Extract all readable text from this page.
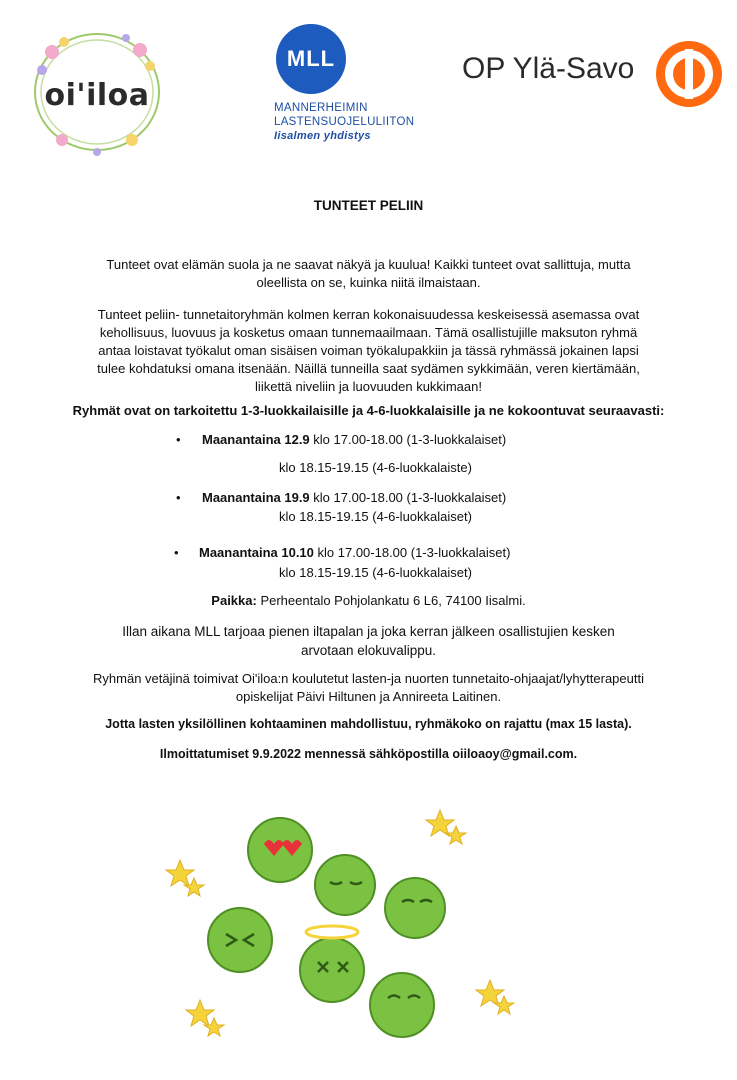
oi'iloa
MLL
MANNERHEIMIN
LASTENSUOJELULIITON
Iisalmen yhdistys
OP Ylä-Savo
TUNTEET PELIIN
Tunteet ovat elämän suola ja ne saavat näkyä ja kuulua! Kaikki tunteet ovat sallittuja, mutta
oleellista on se, kuinka niitä ilmaistaan.
Tunteet peliin- tunnetaitoryhmän kolmen kerran kokonaisuudessa keskeisessä asemassa ovat
kehollisuus, luovuus ja kosketus omaan tunnemaailmaan. Tämä osallistujille maksuton ryhmä
antaa loistavat työkalut oman sisäisen voiman työkalupakkiin ja tässä ryhmässä jokainen lapsi
tulee kohdatuksi omana itsenään. Näillä tunneilla saat sydämen sykkimään, veren kiertämään,
liikettä niveliin ja luovuuden kukkimaan!
Ryhmät ovat on tarkoitettu 1-3-luokkailaisille ja 4-6-luokkalaisille ja ne kokoontuvat seuraavasti:
• Maanantaina 12.9 klo 17.00-18.00 (1-3-luokkalaiset)
klo 18.15-19.15 (4-6-luokkalaiste)
• Maanantaina 19.9 klo 17.00-18.00 (1-3-luokkalaiset)
klo 18.15-19.15 (4-6-luokkalaiset)
• Maanantaina 10.10 klo 17.00-18.00 (1-3-luokkalaiset)
klo 18.15-19.15 (4-6-luokkalaiset)
Paikka: Perheentalo Pohjolankatu 6 L6, 74100 Iisalmi.
Illan aikana MLL tarjoaa pienen iltapalan ja joka kerran jälkeen osallistujien kesken
arvotaan elokuvalippu.
Ryhmän vetäjinä toimivat Oi'iloa:n koulutetut lasten-ja nuorten tunnetaito-ohjaajat/lyhytterapeutti
opiskelijat Päivi Hiltunen ja Annireeta Laitinen.
Jotta lasten yksilöllinen kohtaaminen mahdollistuu, ryhmäkoko on rajattu (max 15 lasta).
Ilmoittatumiset 9.9.2022 mennessä sähköpostilla oiiloaoy@gmail.com.
